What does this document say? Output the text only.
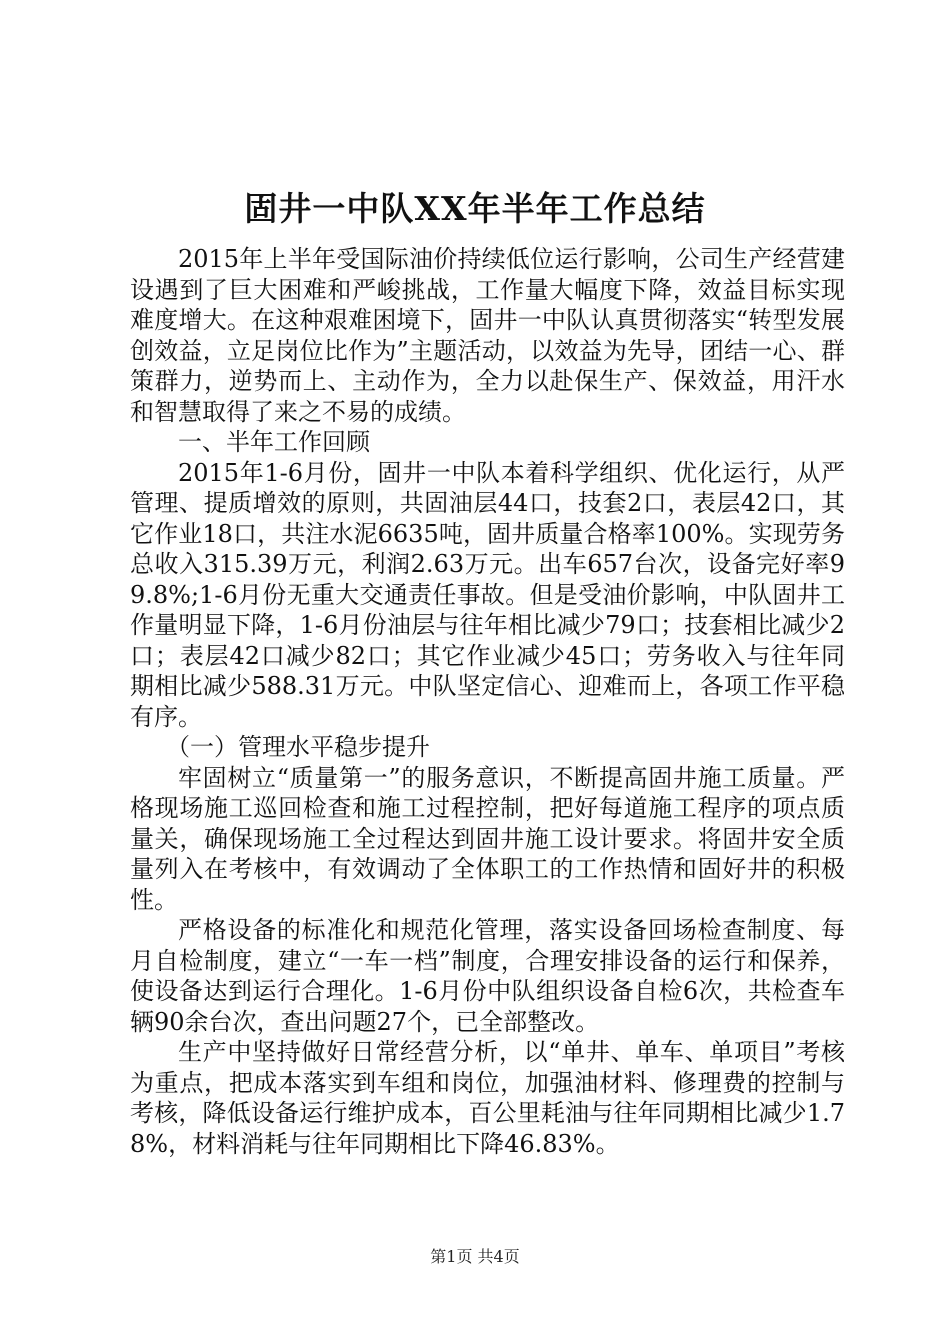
固井一中队XX年半年工作总结

2015年上半年受国际油价持续低位运行影响，公司生产经营建设遇到了巨大困难和严峻挑战，工作量大幅度下降，效益目标实现难度增大。在这种艰难困境下，固井一中队认真贯彻落实“转型发展创效益，立足岗位比作为”主题活动，以效益为先导，团结一心、群策群力，逆势而上、主动作为，全力以赴保生产、保效益，用汗水和智慧取得了来之不易的成绩。

一、半年工作回顾

2015年1-6月份，固井一中队本着科学组织、优化运行，从严管理、提质增效的原则，共固油层44口，技套2口，表层42口，其它作业18口，共注水泥6635吨，固井质量合格率100%。实现劳务总收入315.39万元，利润2.63万元。出车657台次，设备完好率99.8%;1-6月份无重大交通责任事故。但是受油价影响，中队固井工作量明显下降，1-6月份油层与往年相比减少79口；技套相比减少2口；表层42口减少82口；其它作业减少45口；劳务收入与往年同期相比减少588.31万元。中队坚定信心、迎难而上，各项工作平稳有序。

（一）管理水平稳步提升

牢固树立“质量第一”的服务意识，不断提高固井施工质量。严格现场施工巡回检查和施工过程控制，把好每道施工程序的项点质量关，确保现场施工全过程达到固井施工设计要求。将固井安全质量列入在考核中，有效调动了全体职工的工作热情和固好井的积极性。

严格设备的标准化和规范化管理，落实设备回场检查制度、每月自检制度，建立“一车一档”制度，合理安排设备的运行和保养，使设备达到运行合理化。1-6月份中队组织设备自检6次，共检查车辆90余台次，查出问题27个，已全部整改。

生产中坚持做好日常经营分析，以“单井、单车、单项目”考核为重点，把成本落实到车组和岗位，加强油材料、修理费的控制与考核，降低设备运行维护成本，百公里耗油与往年同期相比减少1.78%，材料消耗与往年同期相比下降46.83%。

第1页 共4页
